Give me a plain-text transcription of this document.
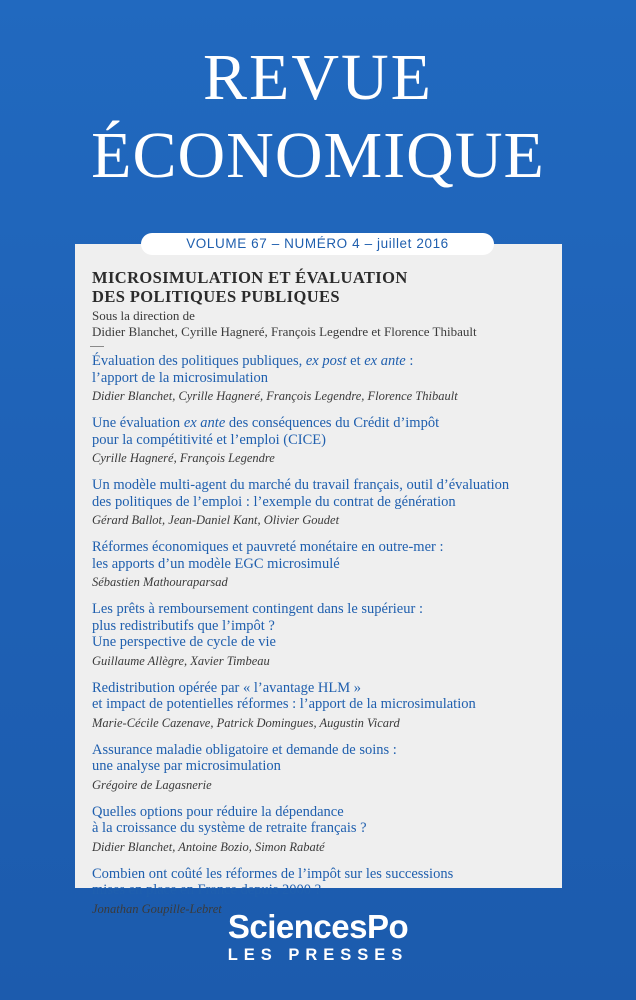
REVUE
ÉCONOMIQUE
VOLUME 67 – NUMÉRO 4 – juillet 2016
MICROSIMULATION ET ÉVALUATION
DES POLITIQUES PUBLIQUES
Sous la direction de
Didier Blanchet, Cyrille Hagneré, François Legendre et Florence Thibault
Évaluation des politiques publiques, ex post et ex ante :
l’apport de la microsimulation
Didier Blanchet, Cyrille Hagneré, François Legendre, Florence Thibault
Une évaluation ex ante des conséquences du Crédit d’impôt
pour la compétitivité et l’emploi (CICE)
Cyrille Hagneré, François Legendre
Un modèle multi-agent du marché du travail français, outil d’évaluation
des politiques de l’emploi : l’exemple du contrat de génération
Gérard Ballot, Jean-Daniel Kant, Olivier Goudet
Réformes économiques et pauvreté monétaire en outre-mer :
les apports d’un modèle EGC microsimulé
Sébastien Mathouraparsad
Les prêts à remboursement contingent dans le supérieur :
plus redistributifs que l’impôt ?
Une perspective de cycle de vie
Guillaume Allègre, Xavier Timbeau
Redistribution opérée par « l’avantage HLM »
et impact de potentielles réformes : l’apport de la microsimulation
Marie-Cécile Cazenave, Patrick Domingues, Augustin Vicard
Assurance maladie obligatoire et demande de soins :
une analyse par microsimulation
Grégoire de Lagasnerie
Quelles options pour réduire la dépendance
à la croissance du système de retraite français ?
Didier Blanchet, Antoine Bozio, Simon Rabaté
Combien ont coûté les réformes de l’impôt sur les successions
mises en place en France depuis 2000 ?
Jonathan Goupille-Lebret SciencesPo
LES PRESSES
